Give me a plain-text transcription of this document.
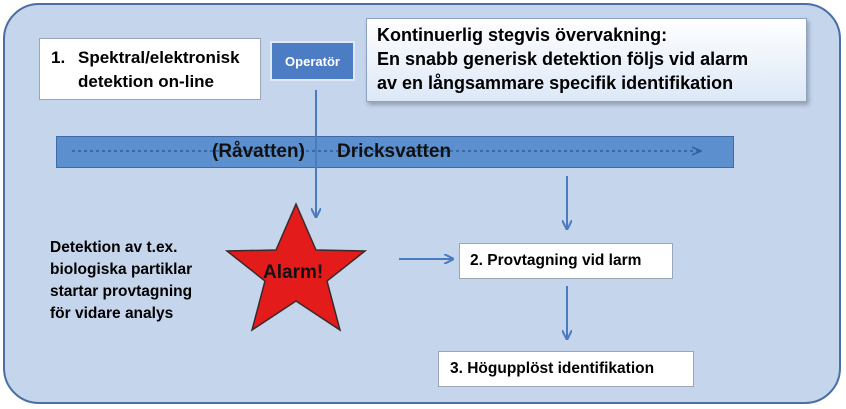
1. Spektral/elektronisk
detektion on-line
Operatör
Kontinuerlig stegvis övervakning:
En snabb generisk detektion följs vid alarm
av en långsammare specifik identifikation
(Råvatten) Dricksvatten
Alarm!
Detektion av t.ex.
biologiska partiklar
startar provtagning
för vidare analys
2. Provtagning vid larm
3. Högupplöst identifikation
